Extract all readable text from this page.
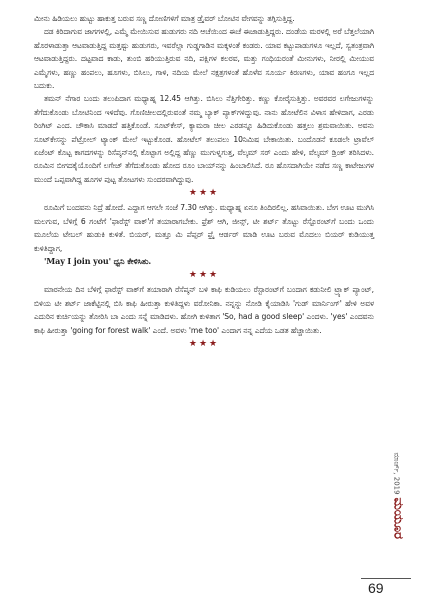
ಮೀನು ಹಿಡಿಯಲು ಹುಟ್ಟು ಹಾಕುತ್ತ ಬರುವ ಸಣ್ಣ ದೋಣಿಗಳಿಗೆ ಮಾತ್ರ ಡ್ರೈವರ್ ಬೋಟಿನ ವೇಗವನ್ನು ತಗ್ಗಿಸುತ್ತಿದ್ದ.

ದಡ ಕಿರಿದಾಗುವ ಜಾಗಗಳಲ್ಲಿ, ಎಮ್ಮೆ ಮೇಯಿಸುವ ಹುಡುಗರು ನದಿ ಆಚೆಯಿಂದ ಈಚೆ ಈಜಾಡುತ್ತಿದ್ದರು. ದಂಡೆಯ ಮರಳಲ್ಲಿ ಅರೆ ಬೆತ್ತಲೆಯಾಗಿ ಹೊರಳಾಡುತ್ತಾ ಆಟವಾಡುತ್ತಿದ್ದ ಮತ್ತಷ್ಟು ಹುಡುಗರು, ಇವರೆಲ್ಲಾ ಗುಡ್ಡಗಾಡಿನ ಮಕ್ಕಳಂತೆ ಕಂಡರು. ಯಾವ ಕಟ್ಟುಪಾಡುಗಳೂ ಇಲ್ಲದೆ, ಸ್ವತಂತ್ರವಾಗಿ ಆಟವಾಡುತ್ತಿದ್ದರು. ದಟ್ಟವಾದ ಕಾಡು, ತುಂಬಿ ಹರಿಯುತ್ತಿರುವ ನದಿ, ಪಕ್ಷಿಗಳ ಕಲರವ, ಮತ್ತು ಗಂಧಿಯರಂತೆ ಮೀನುಗಳು, ನೀರಲ್ಲಿ ಮೀಯುವ ಎಮ್ಮೆಗಳು, ಹಣ್ಣು ಹಂಪಲು, ಹೂಗಳು, ಬಿಸಿಲು, ಗಾಳಿ, ನದಿಯ ಮೇಲೆ ನಕ್ಷತ್ರಗಳಂತೆ ಹೊಳೆವ ಸೂರ್ಯ ಕಿರಣಗಳು, ಯಾವ ಹಂಗೂ ಇಲ್ಲದ ಬದುಕು.

ತಮನ್ ನೆಗಾರ ಬಂದು ತಲುಪಿದಾಗ ಮಧ್ಯಾಹ್ನ 12.45 ಆಗಿತ್ತು. ಬಿಸಿಲು ನೆತ್ತಿಗೇರಿತ್ತು. ಕಣ್ಣು ಕೋರೈಸುತ್ತಿತ್ತು. ಅವರವರ ಲಗೇಜುಗಳನ್ನು ತೆಗೆದುಕೊಂಡು ಬೋಟಿನಿಂದ ಇಳಿದೆವು. ಗೊಣಿಚೀಲದಲ್ಲಿರುವಂತೆ ನಮ್ಮ ಬ್ಯಾಕ್ ಪ್ಯಾಕ್‌ಗಳಿದ್ದುವು. ನಾನು ಹೋಟೆಲಿನ ವಿಳಾಸ ಹೇಳಿದಾಗ, ಎರಡು ರಿಂಗಿಟ್ ಎಂದ. ಚೌಕಾಸಿ ಮಾಡದೆ ಹತ್ತಿಕೊಂಡೆ. ಸೂಟ್‌ಕೇಸ್, ಕ್ಯಾಮರಾ ಚೀಲ ಎರಡನ್ನೂ ಹಿಡಿದುಕೊಂಡು ಹತ್ತಲು ಶ್ರಮವಾಯಿತು. ಅವನು ಸೂಟ್‌ಕೇಸನ್ನು ಪೆಟ್ರೋಲ್ ಟ್ಯಾಂಕ್ ಮೇಲೆ ಇಟ್ಟುಕೊಂಡ. ಹೋಟೆಲ್ ತಲುಪಲು 10ನಿಮಿಷ ಬೇಕಾಯಿತು. ಬಂದೊಡನೆ ಕೂಡಲೇ ಟ್ರಾವೆಲ್ ಏಜೆಂಟ್ ಕೊಟ್ಟ ಕಾಗದಗಳನ್ನು ರಿಸೆಪ್ಶನ್‌ನಲ್ಲಿ ಕೊಟ್ಟಾಗ ಅಲ್ಲಿದ್ದ ಹೆಣ್ಣು ಮುಗುಳ್ನಗುತ್ತ, ವೆಲ್ಕಮ್ ಸರ್ ಎಂದು ಹೇಳಿ, ವೆಲ್ಕಮ್ ಡ್ರಿಂಕ್ ತರಿಸಿದಳು. ರೂಮಿನ ಬೀಗದಕೈಯೊಂದಿಗೆ ಲಗೇಜ್ ತೆಗೆದುಕೊಂಡು ಹೋದ ರೂಂ ಬಾಯ್‌ನನ್ನು ಹಿಂಬಾಲಿಸಿದೆ. ರೂ ಹೊಸದಾಗಿಯೇ ನಡೆದ ಸಣ್ಣ ಕಾಟೇಜುಗಳ ಮುಂದೆ ಒಪ್ಪವಾಗಿದ್ದ ಹೂಗಳ ಪುಟ್ಟ ತೋಟಗಳು ಸುಂದರವಾಗಿದ್ದುವು.

★★★

ರೂಮಿಗೆ ಬಂದವನು ನಿದ್ರೆ ಹೋದೆ. ಎದ್ದಾಗ ಆಗಲೇ ಸಂಜೆ 7.30 ಆಗಿತ್ತು. ಮಧ್ಯಾಹ್ನ ಏನೂ ತಿಂದಿರಲಿಲ್ಲ. ಹಸಿವಾಯಿತು. ಬೇಗ ಊಟ ಮುಗಿಸಿ ಮಲಗುವ, ಬೆಳಿಗ್ಗೆ 6 ಗಂಟೆಗೆ 'ಫಾರೆಸ್ಟ್ ವಾಕ್'ಗೆ ತಯಾರಾಗಬೇಕು. ಫ್ರೆಶ್ ಆಗಿ, ಜೀನ್ಸ್, ಟೀ ಶರ್ಟ್ ತೊಟ್ಟು ರೆಸ್ಟೊರಂಟ್‌ಗೆ ಬಂದು ಒಂದು ಮೂಲೆಯ ಟೇಬಲ್ ಹುಡುಕಿ ಕುಳಿತೆ. ಬಿಯರ್, ಮತ್ತೂ ಮಿ ಪೆಪ್ಪರ್ ಫ್ರೈ ಆರ್ಡರ್ ಮಾಡಿ ಊಟ ಬರುವ ಮೊದಲು ಬಿಯರ್ ಕುಡಿಯುತ್ತ ಕುಳಿತಿದ್ದಾಗ,

'May I join you' ಧ್ವನಿ ಕೇಳಿಸಿತು.

★★★

ಮಾರನೇಯ ದಿನ ಬೆಳಿಗ್ಗೆ ಫಾರೆಸ್ಟ್ ವಾಕ್‌ಗೆ ತಯಾರಾಗಿ ರೆಸೆಪ್ಶನ್ ಬಳಿ ಕಾಫಿ ಕುಡಿಯಲು ರೆಸ್ಟಾರಂಟ್‌ಗೆ ಬಂದಾಗ ಕಡುನೀಲಿ ಟ್ರ್ಯಾಕ್ ಪ್ಯಾಂಟ್, ಬಿಳಿಯ ಟೀ ಶರ್ಟ್ ಜಾಕೆಟ್ಟಿನಲ್ಲಿ ಬಿಸಿ ಕಾಫಿ ಹೀರುತ್ತಾ ಕುಳಿತಿದ್ದಳು ವರೋನಿಕಾ. ನನ್ನನ್ನು ನೋಡಿ ಕೈಯಾಡಿಸಿ 'ಗುಡ್ ಮಾರ್ನಿಂಗ್' ಹೇಳಿ ಅವಳ ಎದುರಿನ ಕುರ್ಚಿಯನ್ನು ತೋರಿಸಿ ಬಾ ಎಂದು ಸನ್ನೆ ಮಾಡಿದಳು. ಹೋಗಿ ಕುಳಿತಾಗ 'So, had a good sleep' ಎಂದಳು. 'yes' ಎಂದವನು ಕಾಫಿ ಹೀರುತ್ತಾ 'going for forest walk' ಎಂದೆ. ಅವಳು 'me too' ಎಂದಾಗ ನನ್ನ ಎದೆಯ ಒಡತ ಹೆಚ್ಚಾಯಿತು.

★★★
ಮಾರ್ಚ್, 2019
ಮಯೂರ
69
